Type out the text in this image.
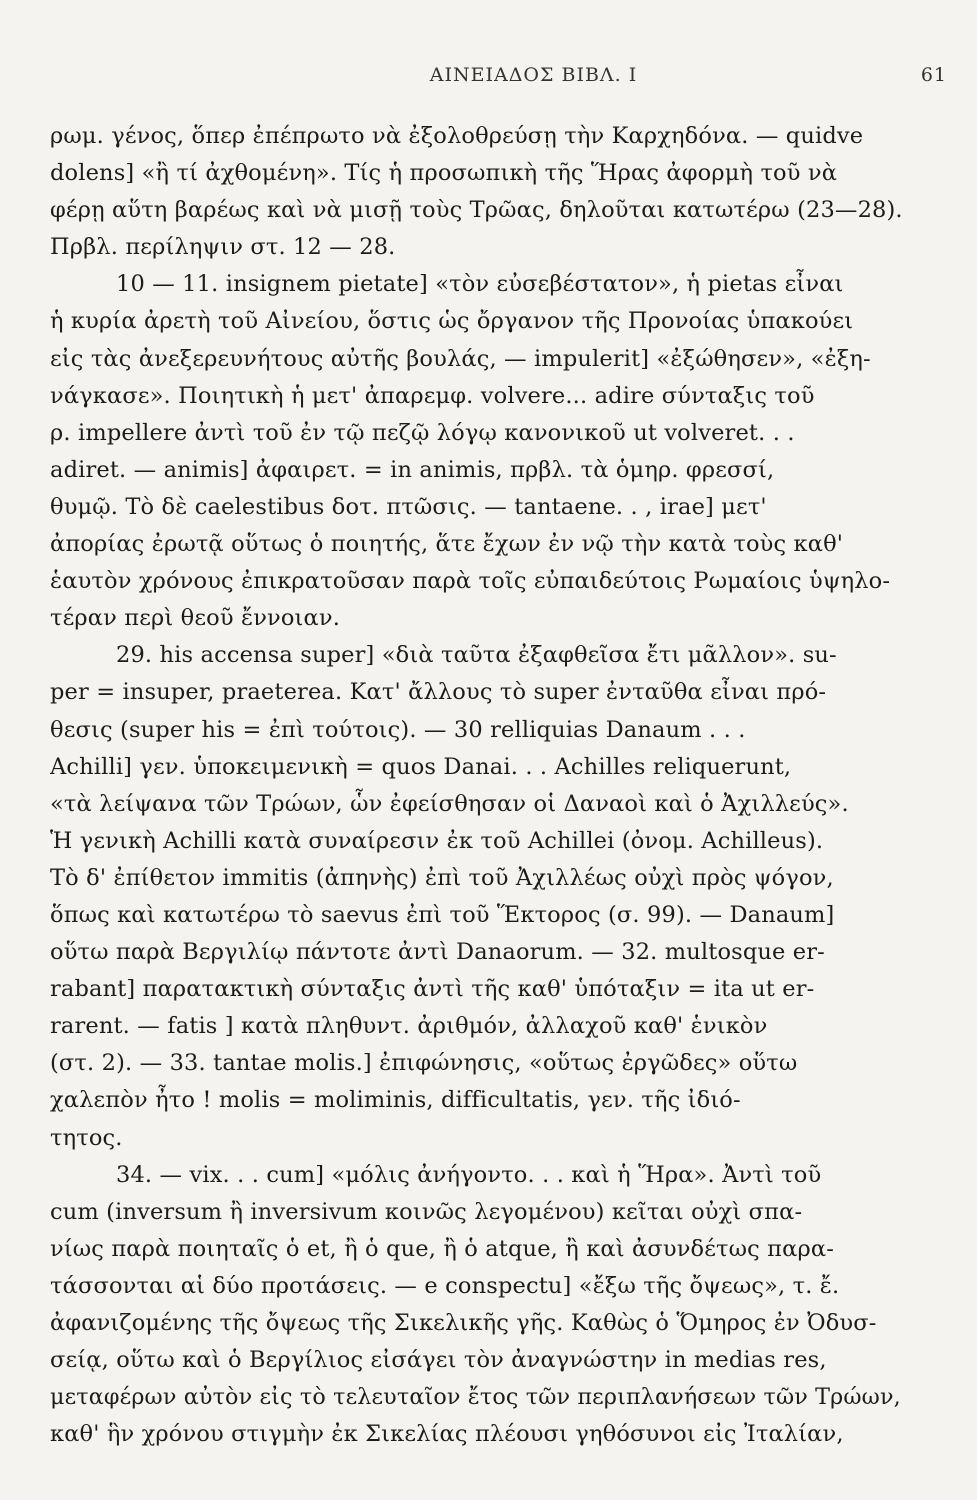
ΑΙΝΕΙΑΔΟΣ ΒΙΒΛ. Ι	61
ρωμ. γένος, ὅπερ ἐπέπρωτο νὰ ἐξολοθρεύσῃ τὴν Καρχηδόνα. — quidve
dolens] «ἢ τί ἀχθομένη». Τίς ἡ προσωπικὴ τῆς Ἥρας ἀφορμὴ τοῦ νὰ
φέρῃ αὕτη βαρέως καὶ νὰ μισῇ τοὺς Τρῶας, δηλοῦται κατωτέρω (23—28).
Πρβλ. περίληψιν στ. 12 — 28.
10 — 11. insignem pietate] «τὸν εὐσεβέστατον», ἡ pietas εἶναι
ἡ κυρία ἀρετὴ τοῦ Αἰνείου, ὅστις ὡς ὄργανον τῆς Προνοίας ὑπακούει
εἰς τὰς ἀνεξερευνήτους αὐτῆς βουλάς, — impulerit] «ἐξώθησεν», «ἐξη-
νάγκασε». Ποιητικὴ ἡ μετ' ἀπαρεμφ. volvere... adire σύνταξις τοῦ
ρ. impellere ἀντὶ τοῦ ἐν τῷ πεζῷ λόγῳ κανονικοῦ ut volveret. . .
adiret. — animis] ἀφαιρετ. = in animis, πρβλ. τὰ ὁμηρ. φρεσσί,
θυμῷ. Τὸ δὲ caelestibus δοτ. πτῶσις. — tantaene. . , irae] μετ'
ἀπορίας ἐρωτᾷ οὕτως ὁ ποιητής, ἅτε ἔχων ἐν νῷ τὴν κατὰ τοὺς καθ'
ἑαυτὸν χρόνους ἐπικρατοῦσαν παρὰ τοῖς εὐπαιδεύτοις Ρωμαίοις ὑψηλο-
τέραν περὶ θεοῦ ἔννοιαν.
29. his accensa super] «διὰ ταῦτα ἐξαφθεῖσα ἔτι μᾶλλον». su-
per = insuper, praeterea. Κατ' ἄλλους τὸ super ἐνταῦθα εἶναι πρό-
θεσις (super his = ἐπὶ τούτοις). — 30 relliquias Danaum . . .
Achilli] γεν. ὑποκειμενικὴ = quos Danai. . . Achilles reliquerunt,
«τὰ λείψανα τῶν Τρώων, ὧν ἐφείσθησαν οἱ Δαναοὶ καὶ ὁ Ἀχιλλεύς».
Ἡ γενικὴ Achilli κατὰ συναίρεσιν ἐκ τοῦ Achillei (ὀνομ. Achilleus).
Τὸ δ' ἐπίθετον immitis (ἀπηνὴς) ἐπὶ τοῦ Ἀχιλλέως οὐχὶ πρὸς ψόγον,
ὅπως καὶ κατωτέρω τὸ saevus ἐπὶ τοῦ Ἕκτορος (σ. 99). — Danaum]
οὕτω παρὰ Βεργιλίῳ πάντοτε ἀντὶ Danaorum. — 32. multosque er-
rabant] παρατακτικὴ σύνταξις ἀντὶ τῆς καθ' ὑπόταξιν = ita ut er-
rarent. — fatis ] κατὰ πληθυντ. ἀριθμόν, ἀλλαχοῦ καθ' ἑνικὸν
(στ. 2). — 33. tantae molis.] ἐπιφώνησις, «οὕτως ἐργῶδες» οὕτω
χαλεπὸν ἦτο ! molis = moliminis, difficultatis, γεν. τῆς ἰδιό-
τητος.
34. — vix. . . cum] «μόλις ἀνήγοντο. . . καὶ ἡ Ἥρα». Ἀντὶ τοῦ
cum (inversum ἢ inversivum κοινῶς λεγομένου) κεῖται οὐχὶ σπα-
νίως παρὰ ποιηταῖς ὁ et, ἢ ὁ que, ἢ ὁ atque, ἢ καὶ ἀσυνδέτως παρα-
τάσσονται αἱ δύο προτάσεις. — e conspectu] «ἔξω τῆς ὄψεως», τ. ἔ.
ἀφανιζομένης τῆς ὄψεως τῆς Σικελικῆς γῆς. Καθὼς ὁ Ὅμηρος ἐν Ὀδυσ-
σείᾳ, οὕτω καὶ ὁ Βεργίλιος εἰσάγει τὸν ἀναγνώστην in medias res,
μεταφέρων αὐτὸν εἰς τὸ τελευταῖον ἔτος τῶν περιπλανήσεων τῶν Τρώων,
καθ' ἣν χρόνου στιγμὴν ἐκ Σικελίας πλέουσι γηθόσυνοι εἰς Ἰταλίαν,
